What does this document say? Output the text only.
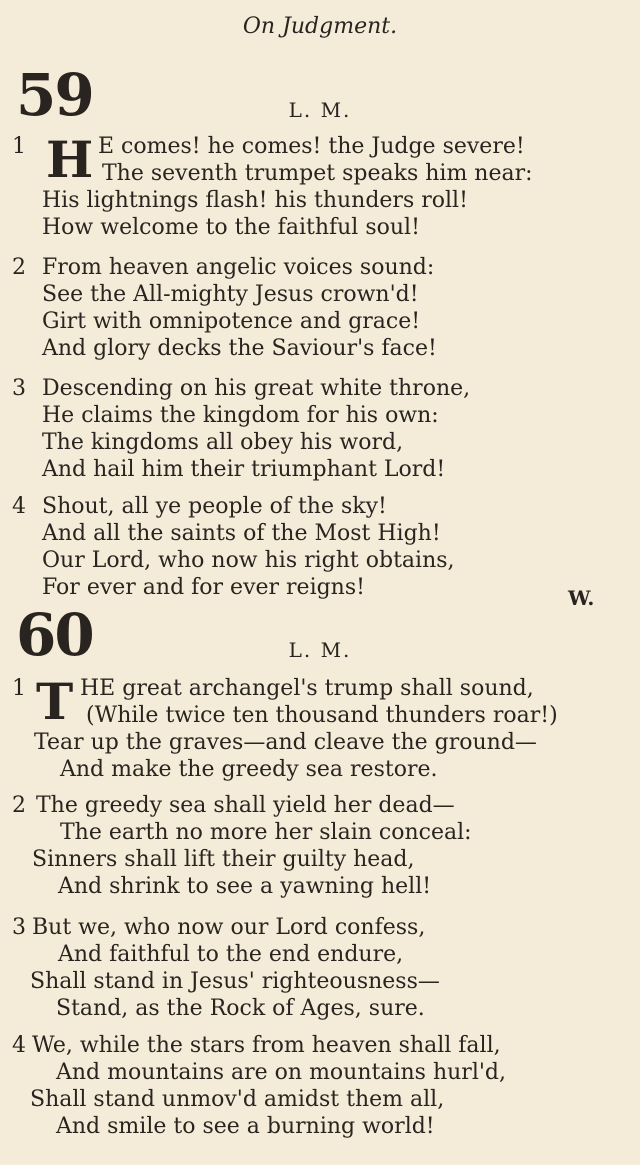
On Judgment.
59	L. M.
1 H E comes! he comes! the Judge severe!
The seventh trumpet speaks him near:
His lightnings flash! his thunders roll!
How welcome to the faithful soul!
2 From heaven angelic voices sound:
See the All-mighty Jesus crown'd!
Girt with omnipotence and grace!
And glory decks the Saviour's face!
3 Descending on his great white throne,
He claims the kingdom for his own:
The kingdoms all obey his word,
And hail him their triumphant Lord!
4 Shout, all ye people of the sky!
And all the saints of the Most High!
Our Lord, who now his right obtains,
For ever and for ever reigns!	W.
60	L. M.
1 T HE great archangel's trump shall sound,
(While twice ten thousand thunders roar!)
Tear up the graves—and cleave the ground—
And make the greedy sea restore.
2 The greedy sea shall yield her dead—
The earth no more her slain conceal:
Sinners shall lift their guilty head,
And shrink to see a yawning hell!
3 But we, who now our Lord confess,
And faithful to the end endure,
Shall stand in Jesus' righteousness—
Stand, as the Rock of Ages, sure.
4 We, while the stars from heaven shall fall,
And mountains are on mountains hurl'd,
Shall stand unmov'd amidst them all,
And smile to see a burning world!
